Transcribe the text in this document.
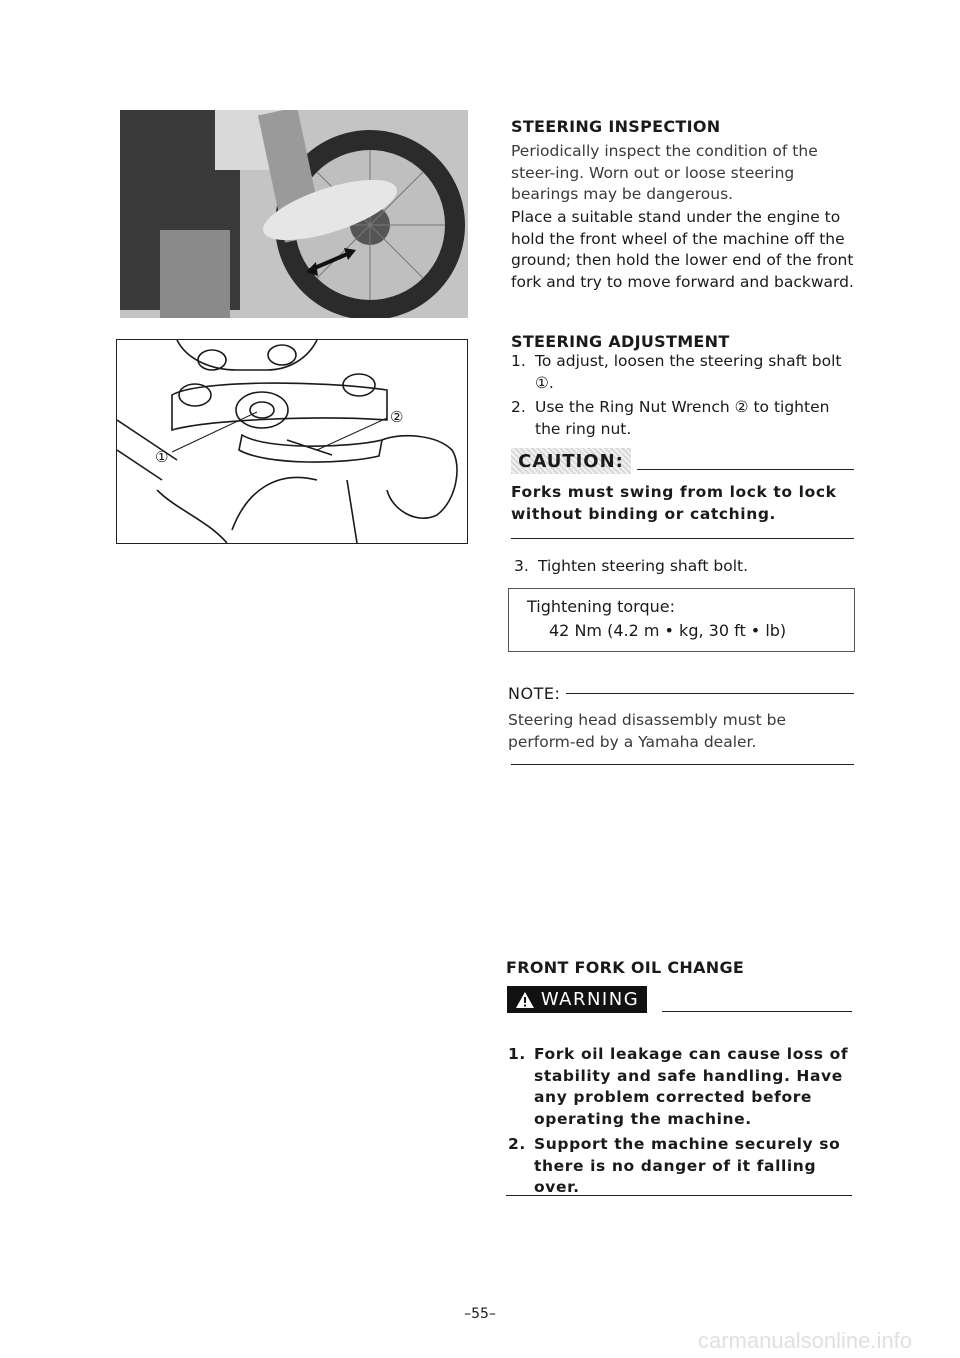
①
②
STEERING INSPECTION
Periodically inspect the condition of the steer-ing. Worn out or loose steering bearings may be dangerous.
Place a suitable stand under the engine to hold the front wheel of the machine off the ground; then hold the lower end of the front fork and try to move forward and backward.
STEERING ADJUSTMENT
1. To adjust, loosen the steering shaft bolt ①.
2. Use the Ring Nut Wrench ② to tighten the ring nut.
CAUTION:
Forks must swing from lock to lock without binding or catching.
3. Tighten steering shaft bolt.
Tightening torque:
42 Nm (4.2 m • kg, 30 ft • lb)
NOTE:
Steering head disassembly must be perform-ed by a Yamaha dealer.
FRONT FORK OIL CHANGE
WARNING
1. Fork oil leakage can cause loss of stability and safe handling. Have any problem corrected before operating the machine.
2. Support the machine securely so there is no danger of it falling over.
–55–
carmanualsonline.info
